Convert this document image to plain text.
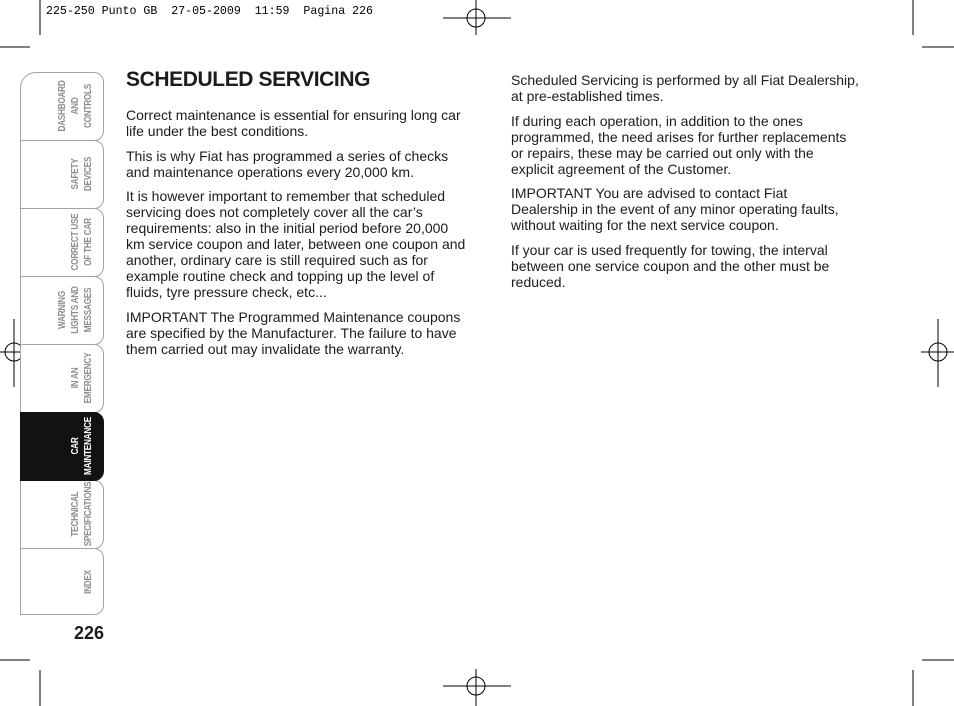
225-250 Punto GB  27-05-2009  11:59  Pagina 226
DASHBOARD AND CONTROLS
SAFETY DEVICES
CORRECT USE OF THE CAR
WARNING LIGHTS AND MESSAGES
IN AN EMERGENCY
CAR MAINTENANCE
TECHNICAL SPECIFICATIONS
INDEX
226
SCHEDULED SERVICING

Correct maintenance is essential for ensuring long car
life under the best conditions.

This is why Fiat has programmed a series of checks
and maintenance operations every 20,000 km.

It is however important to remember that scheduled
servicing does not completely cover all the car’s
requirements: also in the initial period before 20,000
km service coupon and later, between one coupon and
another, ordinary care is still required such as for
example routine check and topping up the level of
fluids, tyre pressure check, etc...

IMPORTANT The Programmed Maintenance coupons
are specified by the Manufacturer. The failure to have
them carried out may invalidate the warranty.

Scheduled Servicing is performed by all Fiat Dealership,
at pre-established times.

If during each operation, in addition to the ones
programmed, the need arises for further replacements
or repairs, these may be carried out only with the
explicit agreement of the Customer.

IMPORTANT You are advised to contact Fiat
Dealership in the event of any minor operating faults,
without waiting for the next service coupon.

If your car is used frequently for towing, the interval
between one service coupon and the other must be
reduced.
